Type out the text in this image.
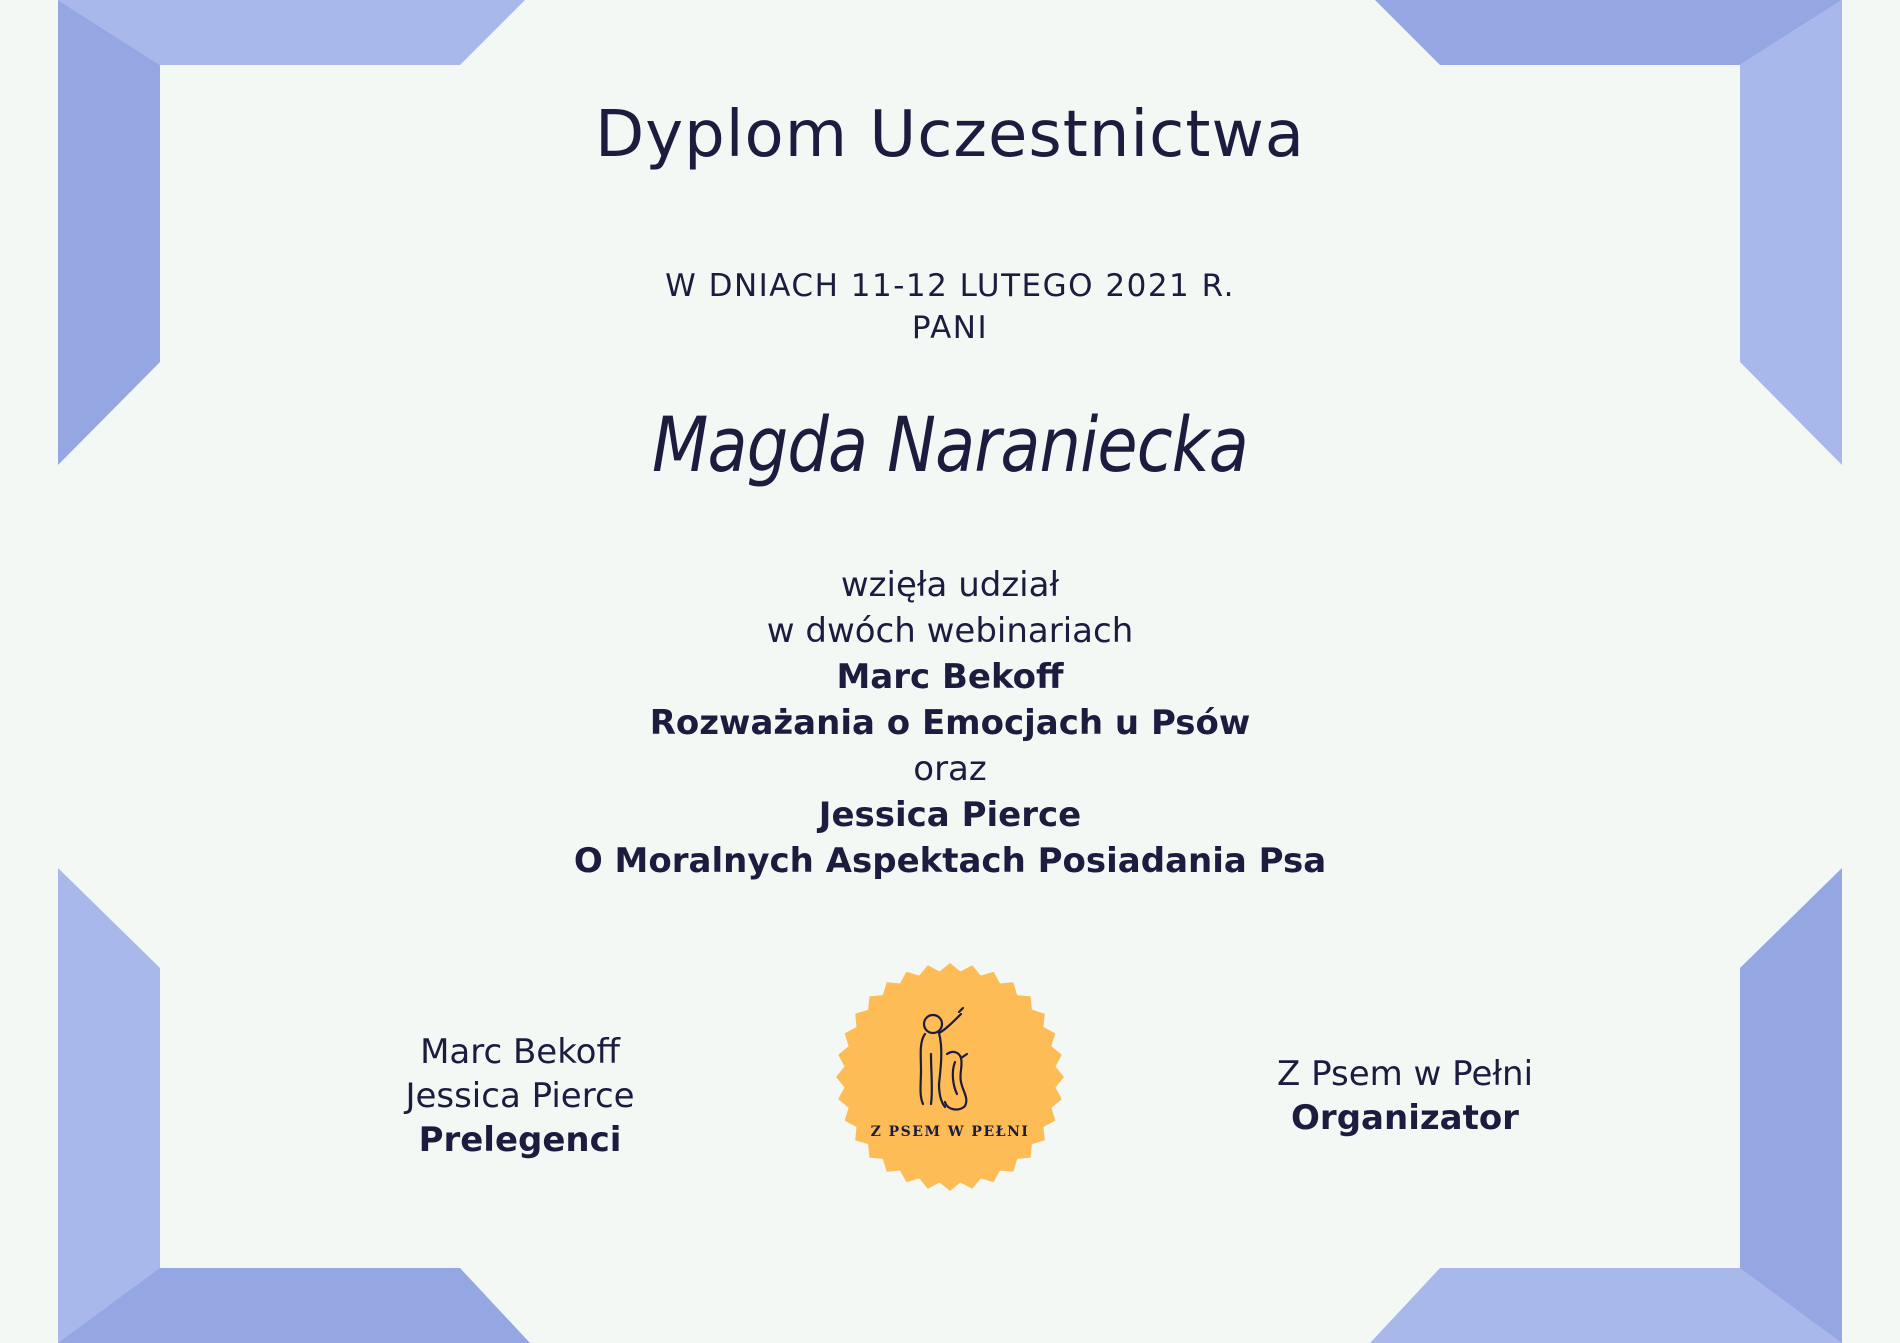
Dyplom Uczestnictwa

W DNIACH 11-12 LUTEGO 2021 R.

PANI

Magda Naraniecka

wzięła udział

w dwóch webinariach

Marc Bekoff

Rozważania o Emocjach u Psów

oraz

Jessica Pierce

O Moralnych Aspektach Posiadania Psa

Marc Bekoff
Jessica Pierce
Prelegenci	Z PSEM W PEŁNI
Z Psem w Pełni
Organizator
